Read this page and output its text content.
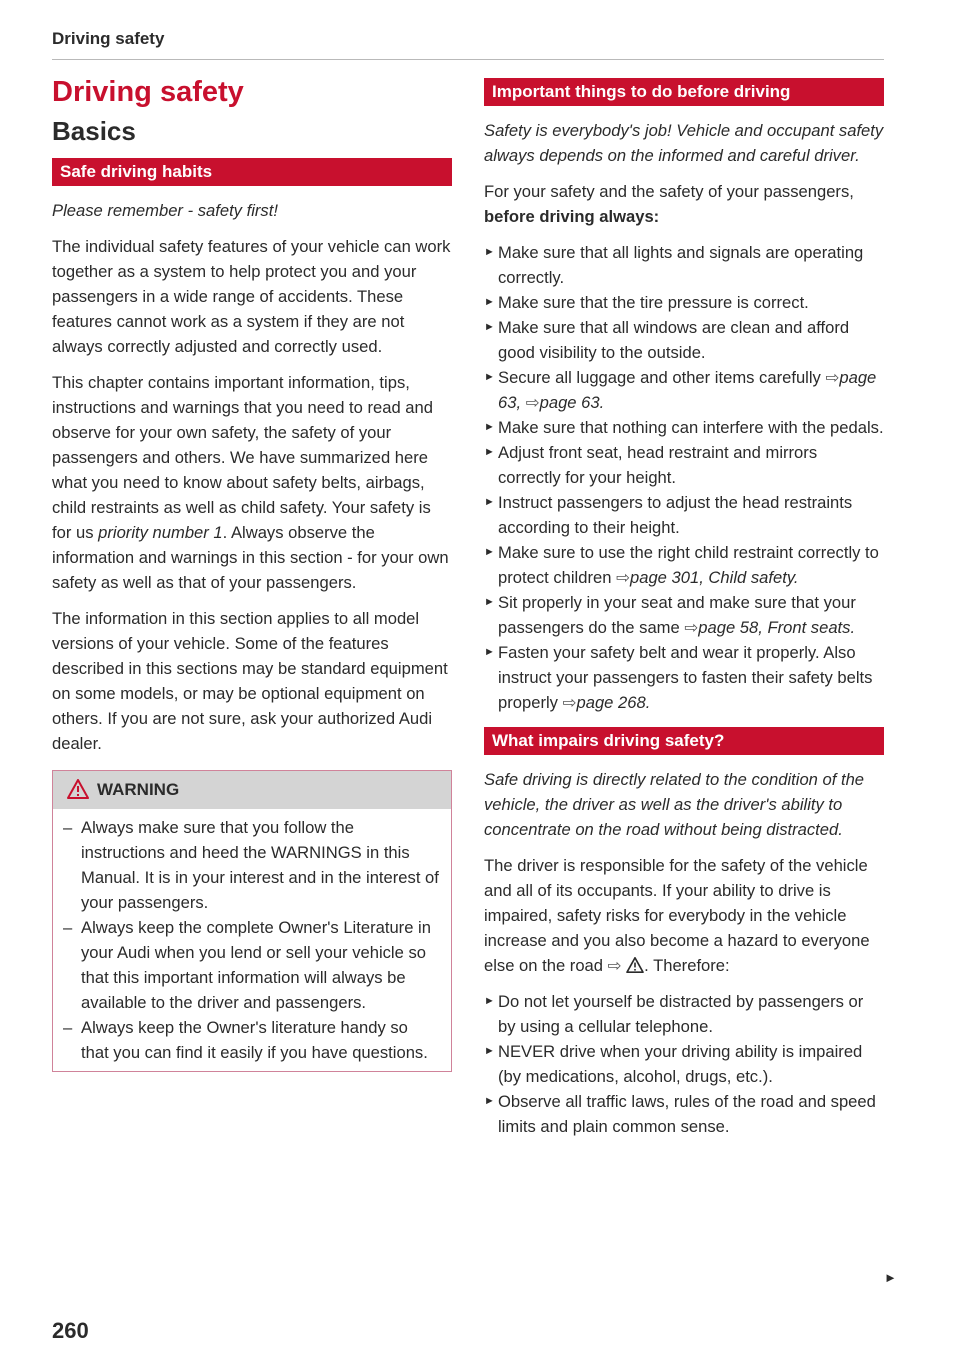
Driving safety
Driving safety
Basics
Safe driving habits

Please remember - safety first!

The individual safety features of your vehicle can work together as a system to help protect you and your passengers in a wide range of accidents. These features cannot work as a system if they are not always correctly adjusted and correctly used.

This chapter contains important information, tips, instructions and warnings that you need to read and observe for your own safety, the safety of your passengers and others. We have summarized here what you need to know about safety belts, airbags, child restraints as well as child safety. Your safety is for us priority number 1. Always observe the information and warnings in this section - for your own safety as well as that of your passengers.

The information in this section applies to all model versions of your vehicle. Some of the features described in this sections may be standard equipment on some models, or may be optional equipment on others. If you are not sure, ask your authorized Audi dealer.

WARNING
– Always make sure that you follow the instructions and heed the WARNINGS in this Manual. It is in your interest and in the interest of your passengers.
– Always keep the complete Owner's Literature in your Audi when you lend or sell your vehicle so that this important information will always be available to the driver and passengers.
– Always keep the Owner's literature handy so that you can find it easily if you have questions.
Important things to do before driving

Safety is everybody's job! Vehicle and occupant safety always depends on the informed and careful driver.

For your safety and the safety of your passengers, before driving always:

► Make sure that all lights and signals are operating correctly.
► Make sure that the tire pressure is correct.
► Make sure that all windows are clean and afford good visibility to the outside.
► Secure all luggage and other items carefully ⇨page 63, ⇨page 63.
► Make sure that nothing can interfere with the pedals.
► Adjust front seat, head restraint and mirrors correctly for your height.
► Instruct passengers to adjust the head restraints according to their height.
► Make sure to use the right child restraint correctly to protect children ⇨page 301, Child safety.
► Sit properly in your seat and make sure that your passengers do the same ⇨page 58, Front seats.
► Fasten your safety belt and wear it properly. Also instruct your passengers to fasten their safety belts properly ⇨page 268.
What impairs driving safety?

Safe driving is directly related to the condition of the vehicle, the driver as well as the driver's ability to concentrate on the road without being distracted.

The driver is responsible for the safety of the vehicle and all of its occupants. If your ability to drive is impaired, safety risks for everybody in the vehicle increase and you also become a hazard to everyone else on the road ⇨ . Therefore:

► Do not let yourself be distracted by passengers or by using a cellular telephone.
► NEVER drive when your driving ability is impaired (by medications, alcohol, drugs, etc.).
► Observe all traffic laws, rules of the road and speed limits and plain common sense.
►
260
